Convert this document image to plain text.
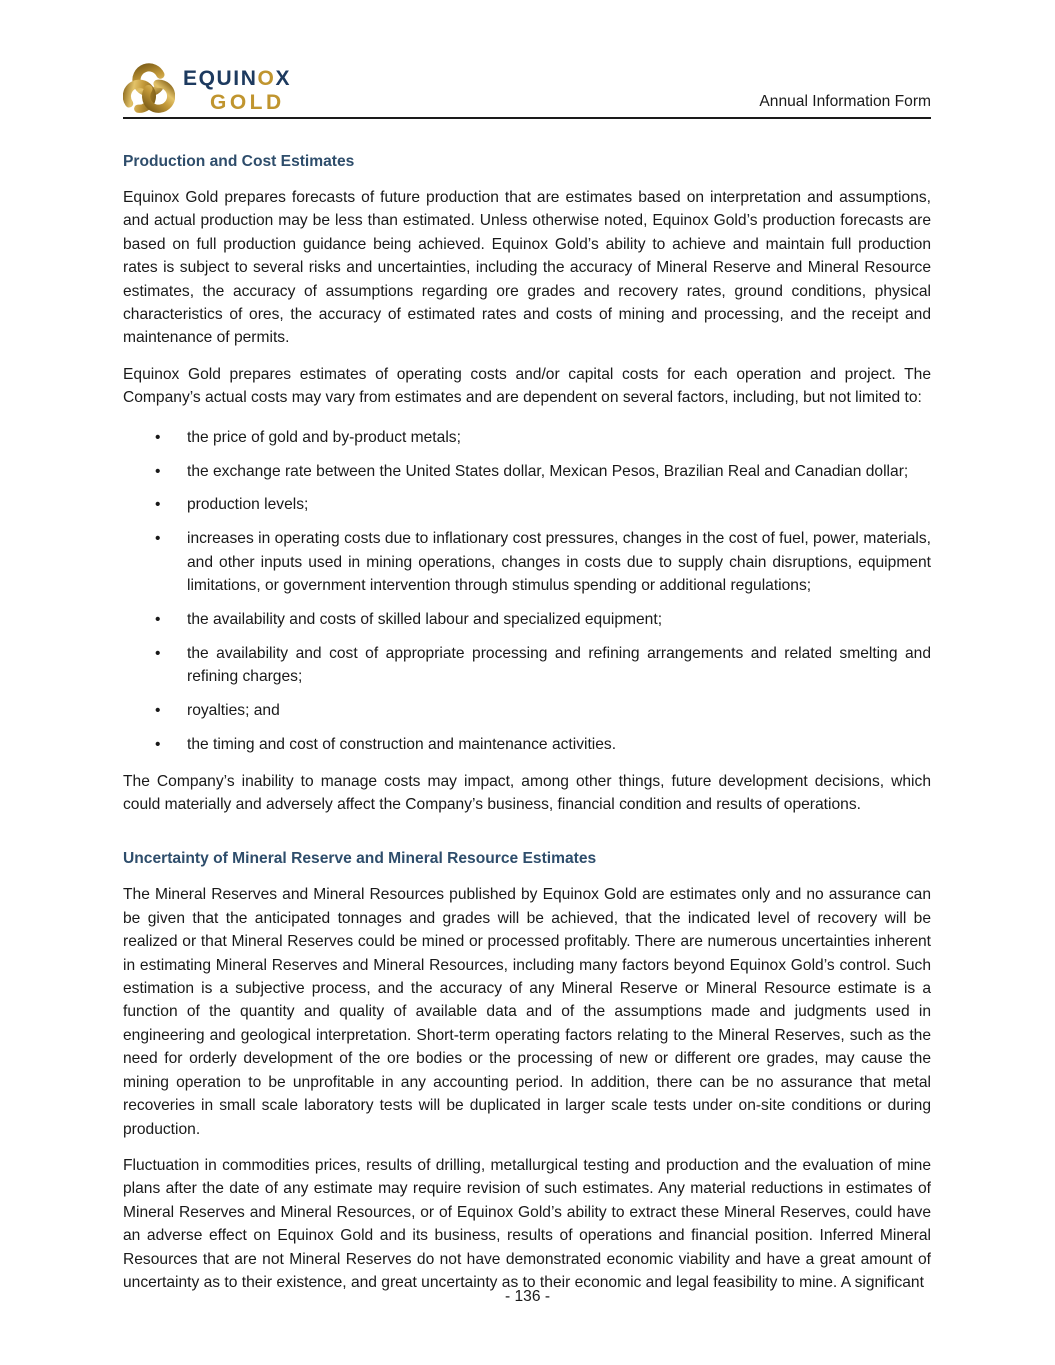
EQUINOX
GOLD	Annual Information Form
Production and Cost Estimates

Equinox Gold prepares forecasts of future production that are estimates based on interpretation and assumptions, and actual production may be less than estimated. Unless otherwise noted, Equinox Gold’s production forecasts are based on full production guidance being achieved. Equinox Gold’s ability to achieve and maintain full production rates is subject to several risks and uncertainties, including the accuracy of Mineral Reserve and Mineral Resource estimates, the accuracy of assumptions regarding ore grades and recovery rates, ground conditions, physical characteristics of ores, the accuracy of estimated rates and costs of mining and processing, and the receipt and maintenance of permits.

Equinox Gold prepares estimates of operating costs and/or capital costs for each operation and project. The Company’s actual costs may vary from estimates and are dependent on several factors, including, but not limited to:

• the price of gold and by-product metals;
• the exchange rate between the United States dollar, Mexican Pesos, Brazilian Real and Canadian dollar;
• production levels;
• increases in operating costs due to inflationary cost pressures, changes in the cost of fuel, power, materials, and other inputs used in mining operations, changes in costs due to supply chain disruptions, equipment limitations, or government intervention through stimulus spending or additional regulations;
• the availability and costs of skilled labour and specialized equipment;
• the availability and cost of appropriate processing and refining arrangements and related smelting and refining charges;
• royalties; and
• the timing and cost of construction and maintenance activities.

The Company’s inability to manage costs may impact, among other things, future development decisions, which could materially and adversely affect the Company’s business, financial condition and results of operations.

Uncertainty of Mineral Reserve and Mineral Resource Estimates

The Mineral Reserves and Mineral Resources published by Equinox Gold are estimates only and no assurance can be given that the anticipated tonnages and grades will be achieved, that the indicated level of recovery will be realized or that Mineral Reserves could be mined or processed profitably. There are numerous uncertainties inherent in estimating Mineral Reserves and Mineral Resources, including many factors beyond Equinox Gold’s control. Such estimation is a subjective process, and the accuracy of any Mineral Reserve or Mineral Resource estimate is a function of the quantity and quality of available data and of the assumptions made and judgments used in engineering and geological interpretation. Short-term operating factors relating to the Mineral Reserves, such as the need for orderly development of the ore bodies or the processing of new or different ore grades, may cause the mining operation to be unprofitable in any accounting period. In addition, there can be no assurance that metal recoveries in small scale laboratory tests will be duplicated in larger scale tests under on-site conditions or during production.

Fluctuation in commodities prices, results of drilling, metallurgical testing and production and the evaluation of mine plans after the date of any estimate may require revision of such estimates. Any material reductions in estimates of Mineral Reserves and Mineral Resources, or of Equinox Gold’s ability to extract these Mineral Reserves, could have an adverse effect on Equinox Gold and its business, results of operations and financial position. Inferred Mineral Resources that are not Mineral Reserves do not have demonstrated economic viability and have a great amount of uncertainty as to their existence, and great uncertainty as to their economic and legal feasibility to mine. A significant

- 136 -
